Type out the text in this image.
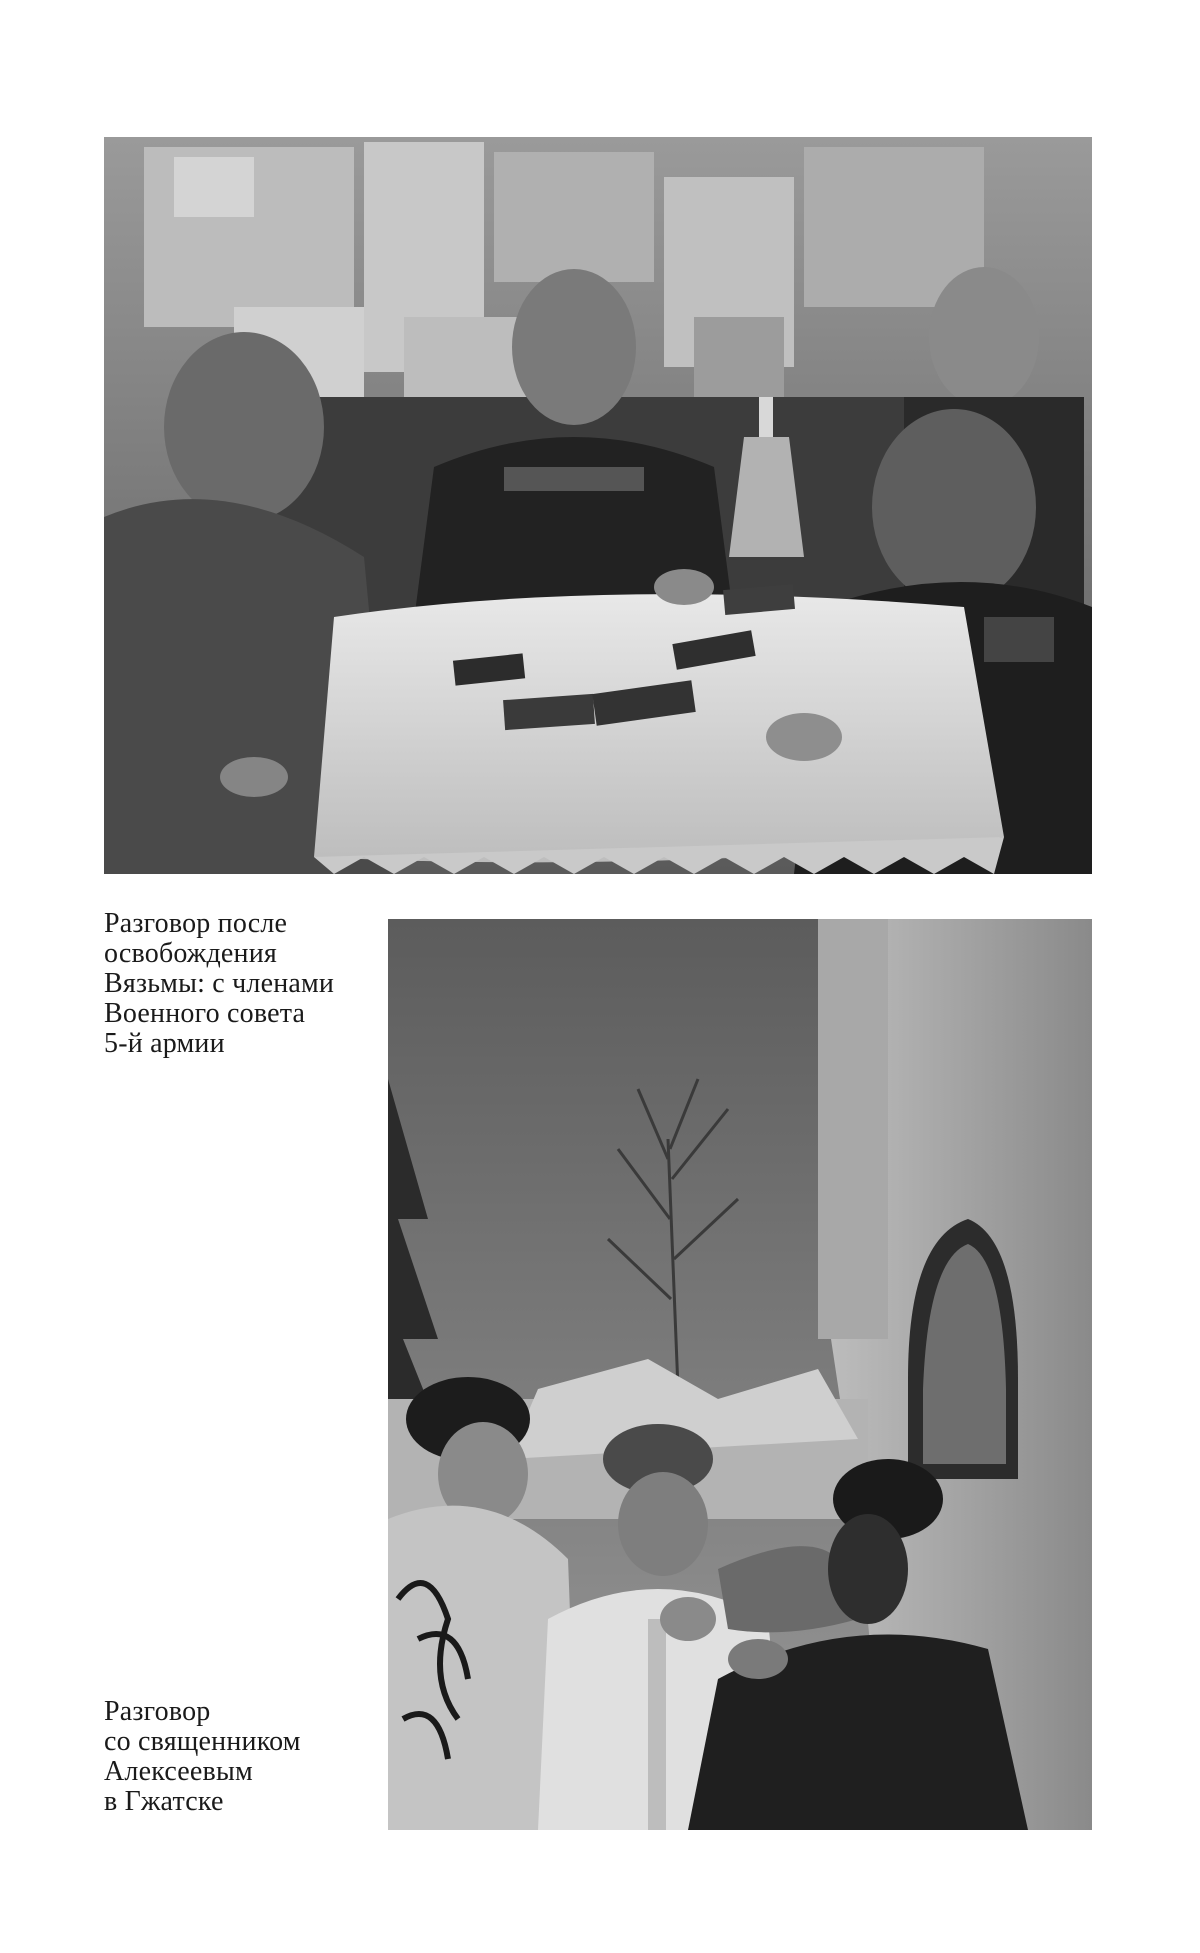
Разговор после
освобождения
Вязьмы: с членами
Военного совета
5-й армии
Разговор
со священником
Алексеевым
в Гжатске
